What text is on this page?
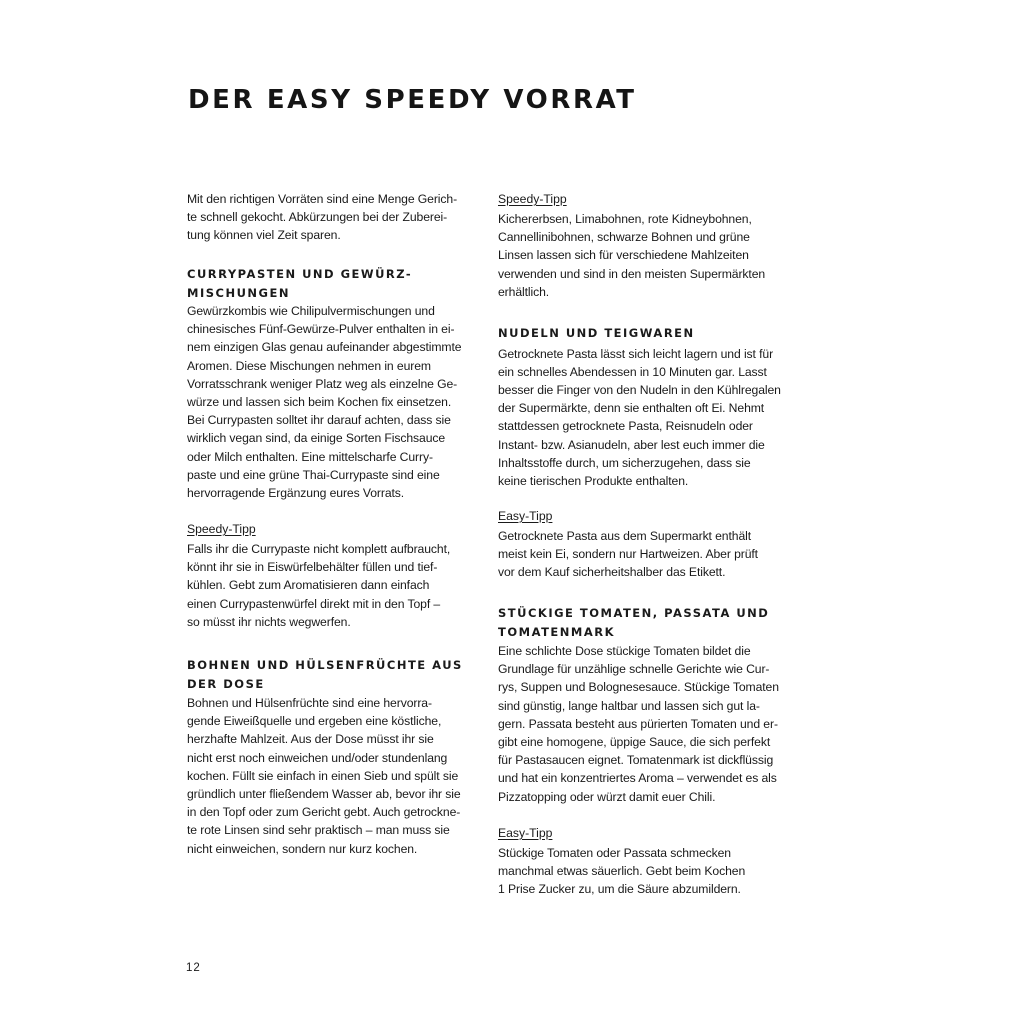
DER EASY SPEEDY VORRAT

Mit den richtigen Vorräten sind eine Menge Gerich-
te schnell gekocht. Abkürzungen bei der Zuberei-
tung können viel Zeit sparen.

CURRYPASTEN UND GEWÜRZ-
MISCHUNGEN

Gewürzkombis wie Chilipulvermischungen und
chinesisches Fünf-Gewürze-Pulver enthalten in ei-
nem einzigen Glas genau aufeinander abgestimmte
Aromen. Diese Mischungen nehmen in eurem
Vorratsschrank weniger Platz weg als einzelne Ge-
würze und lassen sich beim Kochen fix einsetzen.
Bei Currypasten solltet ihr darauf achten, dass sie
wirklich vegan sind, da einige Sorten Fischsauce
oder Milch enthalten. Eine mittelscharfe Curry-
paste und eine grüne Thai-Currypaste sind eine
hervorragende Ergänzung eures Vorrats.

Speedy-Tipp

Falls ihr die Currypaste nicht komplett aufbraucht,
könnt ihr sie in Eiswürfelbehälter füllen und tief-
kühlen. Gebt zum Aromatisieren dann einfach
einen Currypastenwürfel direkt mit in den Topf –
so müsst ihr nichts wegwerfen.

BOHNEN UND HÜLSENFRÜCHTE AUS
DER DOSE

Bohnen und Hülsenfrüchte sind eine hervorra-
gende Eiweißquelle und ergeben eine köstliche,
herzhafte Mahlzeit. Aus der Dose müsst ihr sie
nicht erst noch einweichen und/oder stundenlang
kochen. Füllt sie einfach in einen Sieb und spült sie
gründlich unter fließendem Wasser ab, bevor ihr sie
in den Topf oder zum Gericht gebt. Auch getrockne-
te rote Linsen sind sehr praktisch – man muss sie
nicht einweichen, sondern nur kurz kochen.

Speedy-Tipp

Kichererbsen, Limabohnen, rote Kidneybohnen,
Cannellinibohnen, schwarze Bohnen und grüne
Linsen lassen sich für verschiedene Mahlzeiten
verwenden und sind in den meisten Supermärkten
erhältlich.

NUDELN UND TEIGWAREN

Getrocknete Pasta lässt sich leicht lagern und ist für
ein schnelles Abendessen in 10 Minuten gar. Lasst
besser die Finger von den Nudeln in den Kühlregalen
der Supermärkte, denn sie enthalten oft Ei. Nehmt
stattdessen getrocknete Pasta, Reisnudeln oder
Instant- bzw. Asianudeln, aber lest euch immer die
Inhaltsstoffe durch, um sicherzugehen, dass sie
keine tierischen Produkte enthalten.

Easy-Tipp

Getrocknete Pasta aus dem Supermarkt enthält
meist kein Ei, sondern nur Hartweizen. Aber prüft
vor dem Kauf sicherheitshalber das Etikett.

STÜCKIGE TOMATEN, PASSATA UND
TOMATENMARK

Eine schlichte Dose stückige Tomaten bildet die
Grundlage für unzählige schnelle Gerichte wie Cur-
rys, Suppen und Bolognesesauce. Stückige Tomaten
sind günstig, lange haltbar und lassen sich gut la-
gern. Passata besteht aus pürierten Tomaten und er-
gibt eine homogene, üppige Sauce, die sich perfekt
für Pastasaucen eignet. Tomatenmark ist dickflüssig
und hat ein konzentriertes Aroma – verwendet es als
Pizzatopping oder würzt damit euer Chili.

Easy-Tipp

Stückige Tomaten oder Passata schmecken
manchmal etwas säuerlich. Gebt beim Kochen
1 Prise Zucker zu, um die Säure abzumildern.

12
